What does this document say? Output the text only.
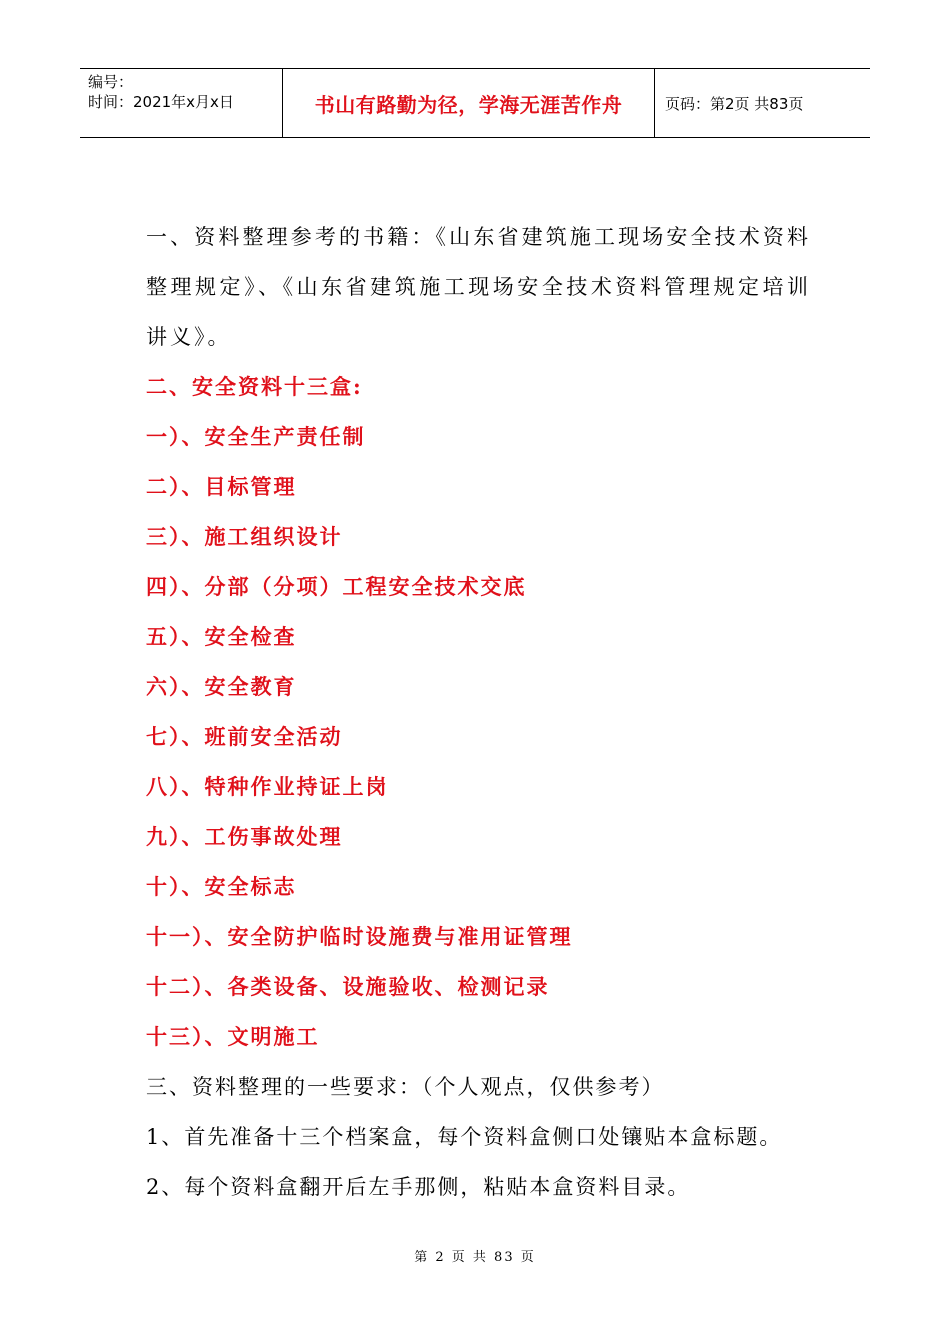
编号：
时间：2021年x月x日	书山有路勤为径，学海无涯苦作舟	页码：第2页 共83页

一、资料整理参考的书籍：《山东省建筑施工现场安全技术资料整理规定》、《山东省建筑施工现场安全技术资料管理规定培训讲义》。

二、安全资料十三盒:

一）、安全生产责任制

二）、目标管理

三）、施工组织设计

四）、分部（分项）工程安全技术交底

五）、安全检查

六）、安全教育

七）、班前安全活动

八）、特种作业持证上岗

九）、工伤事故处理

十）、安全标志

十一）、安全防护临时设施费与准用证管理

十二）、各类设备、设施验收、检测记录

十三）、文明施工

三、资料整理的一些要求：（个人观点，仅供参考）

1、首先准备十三个档案盒，每个资料盒侧口处镶贴本盒标题。

2、每个资料盒翻开后左手那侧，粘贴本盒资料目录。

第 2 页 共 83 页
